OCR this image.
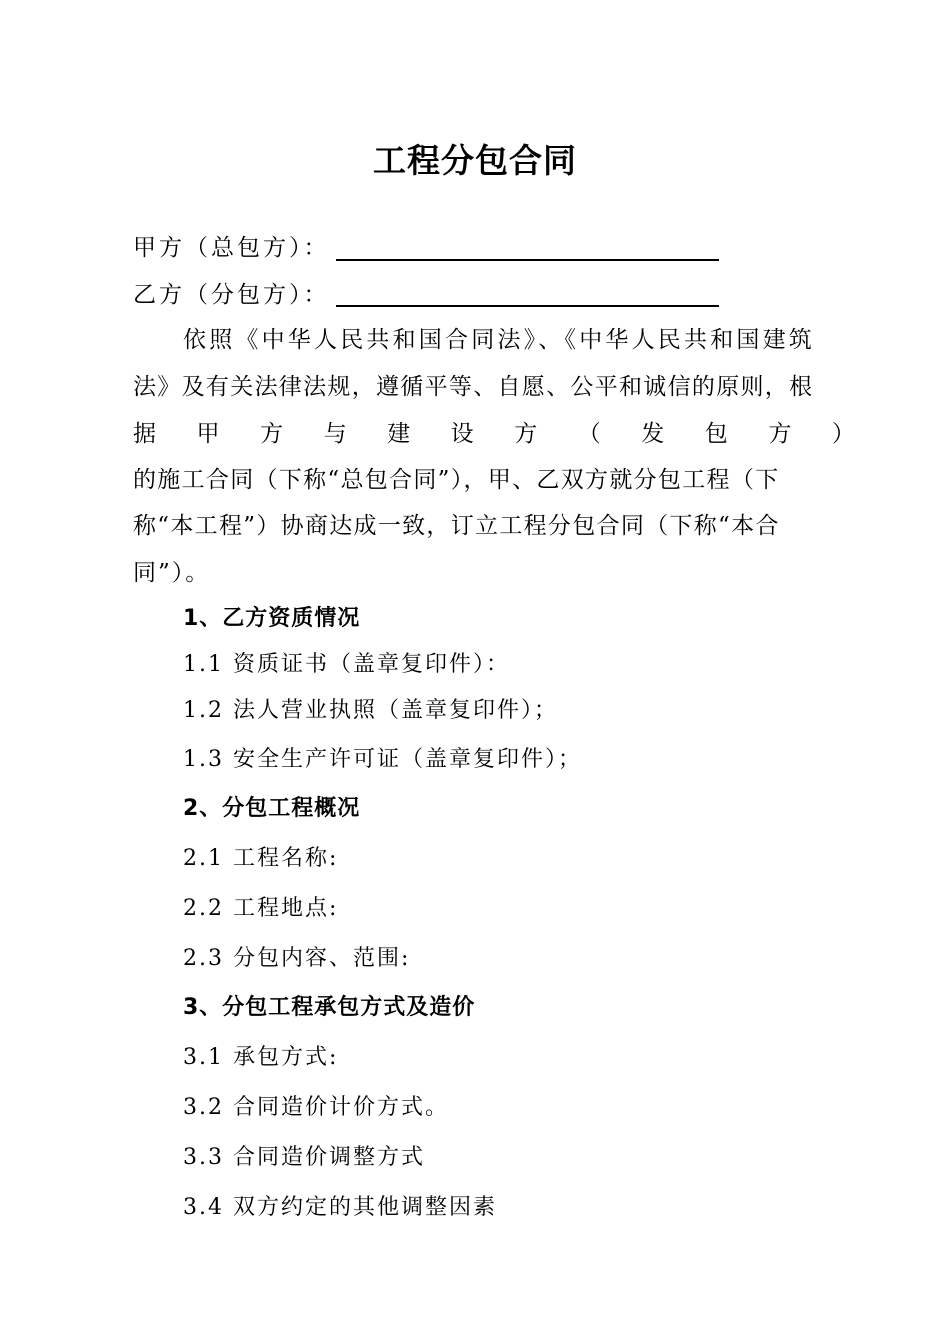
工程分包合同
甲方（总包方）：
乙方（分包方）：
依照《中华人民共和国合同法》、《中华人民共和国建筑
法》及有关法律法规，遵循平等、自愿、公平和诚信的原则，根
据 甲 方 与 建 设 方 （ 发 包 方 ）
的施工合同（下称“总包合同”），甲、乙双方就分包工程（下
称“本工程”）协商达成一致，订立工程分包合同（下称“本合
同”）。
1、乙方资质情况
1.1 资质证书（盖章复印件）：
1.2 法人营业执照（盖章复印件）；
1.3 安全生产许可证（盖章复印件）；
2、分包工程概况
2.1 工程名称:
2.2 工程地点:
2.3 分包内容、范围:
3、分包工程承包方式及造价
3.1 承包方式:
3.2 合同造价计价方式。
3.3 合同造价调整方式
3.4 双方约定的其他调整因素
